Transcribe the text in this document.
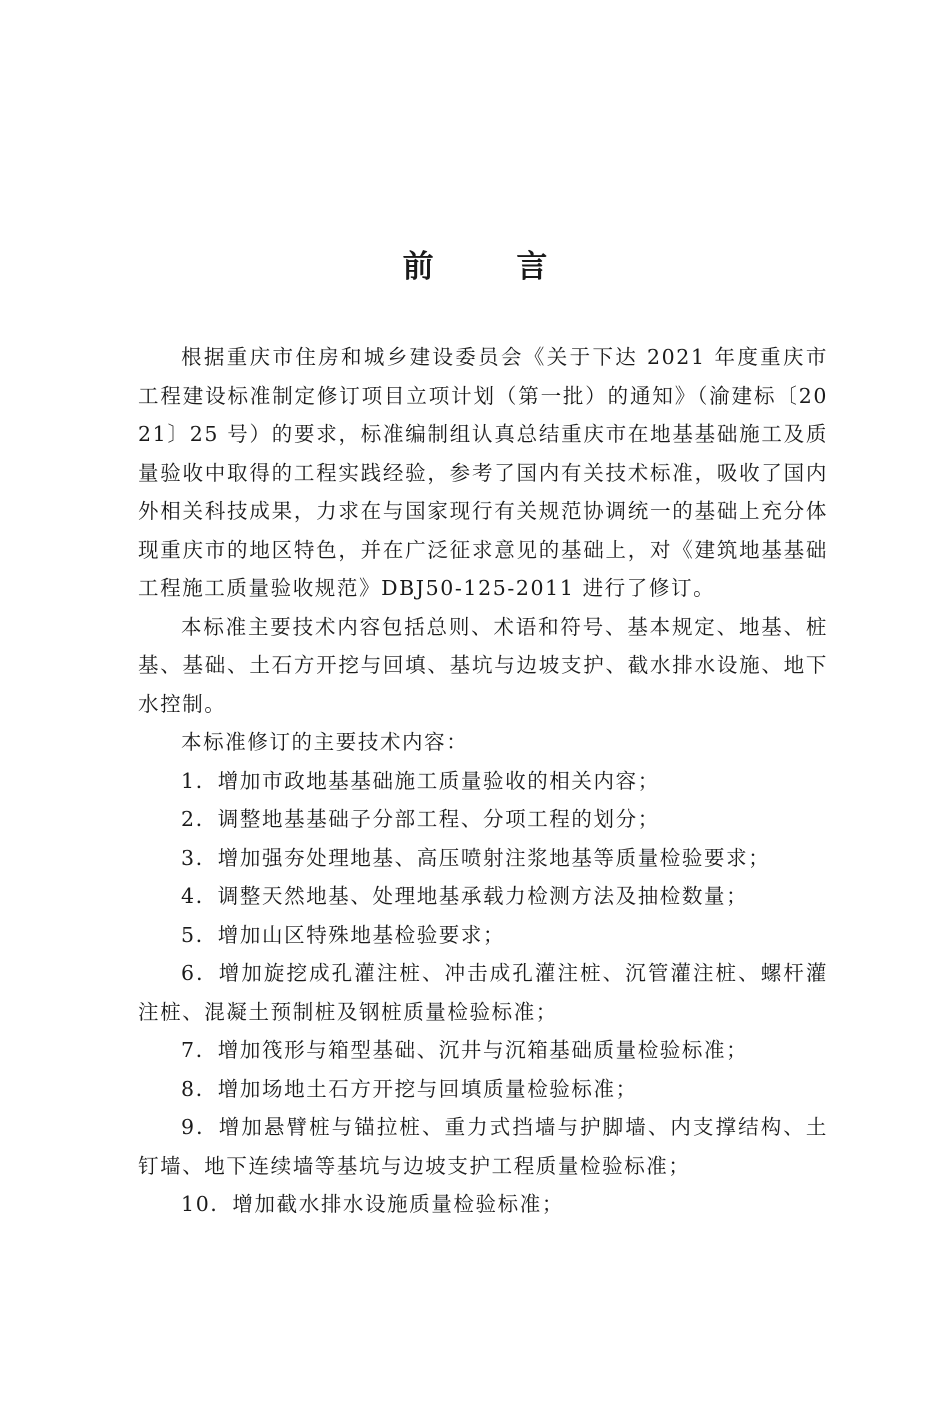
前 言

根据重庆市住房和城乡建设委员会《关于下达 2021 年度重庆市工程建设标准制定修订项目立项计划（第一批）的通知》（渝建标〔2021〕25 号）的要求，标准编制组认真总结重庆市在地基基础施工及质量验收中取得的工程实践经验，参考了国内有关技术标准，吸收了国内外相关科技成果，力求在与国家现行有关规范协调统一的基础上充分体现重庆市的地区特色，并在广泛征求意见的基础上，对《建筑地基基础工程施工质量验收规范》DBJ50-125-2011 进行了修订。

本标准主要技术内容包括总则、术语和符号、基本规定、地基、桩基、基础、土石方开挖与回填、基坑与边坡支护、截水排水设施、地下水控制。

本标准修订的主要技术内容：

1．增加市政地基基础施工质量验收的相关内容；

2．调整地基基础子分部工程、分项工程的划分；

3．增加强夯处理地基、高压喷射注浆地基等质量检验要求；

4．调整天然地基、处理地基承载力检测方法及抽检数量；

5．增加山区特殊地基检验要求；

6．增加旋挖成孔灌注桩、冲击成孔灌注桩、沉管灌注桩、螺杆灌注桩、混凝土预制桩及钢桩质量检验标准；

7．增加筏形与箱型基础、沉井与沉箱基础质量检验标准；

8．增加场地土石方开挖与回填质量检验标准；

9．增加悬臂桩与锚拉桩、重力式挡墙与护脚墙、内支撑结构、土钉墙、地下连续墙等基坑与边坡支护工程质量检验标准；

10．增加截水排水设施质量检验标准；
